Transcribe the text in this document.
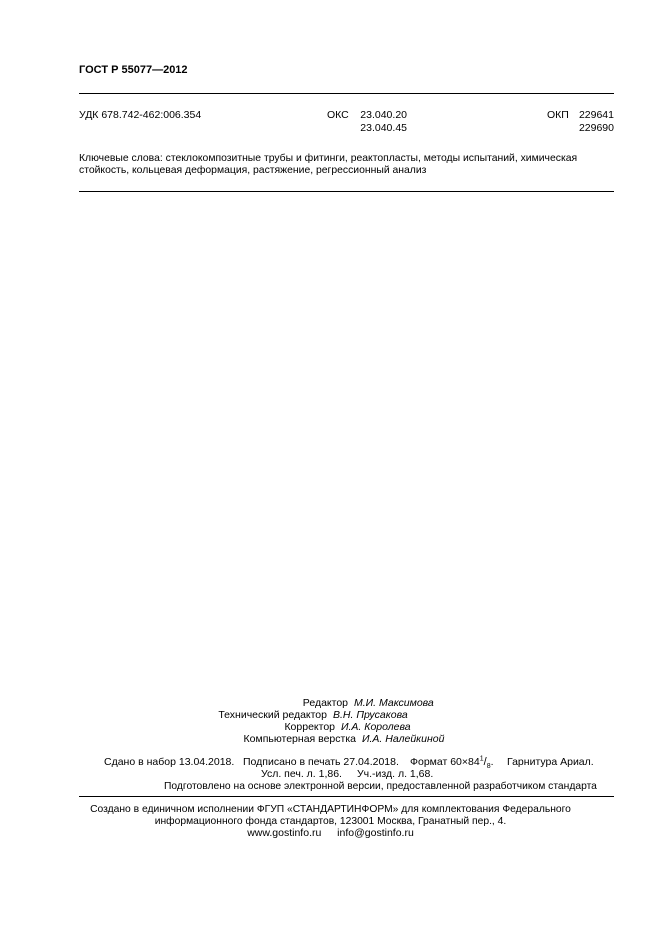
ГОСТ Р 55077—2012
УДК 678.742-462:006.354	ОКС	23.040.20
23.040.45
ОКП 229641
229690
Ключевые слова: стеклокомпозитные трубы и фитинги, реактопласты, методы испытаний, химическая
стойкость, кольцевая деформация, растяжение, регрессионный анализ
Редактор М.И. Максимова
Технический редактор В.Н. Прусакова
Корректор И.А. Королева
Компьютерная верстка И.А. Налейкиной
Сдано в набор 13.04.2018. Подписано в печать 27.04.2018. Формат $60\times 84^1/_8$. Гарнитура Ариал.
Усл. печ. л. 1,86. Уч.-изд. л. 1,68.
Подготовлено на основе электронной версии, предоставленной разработчиком стандарта
Создано в единичном исполнении ФГУП «СТАНДАРТИНФОРМ» для комплектования Федерального
информационного фонда стандартов, 123001 Москва, Гранатный пер., 4.
www.gostinfo.ru info@gostinfo.ru
